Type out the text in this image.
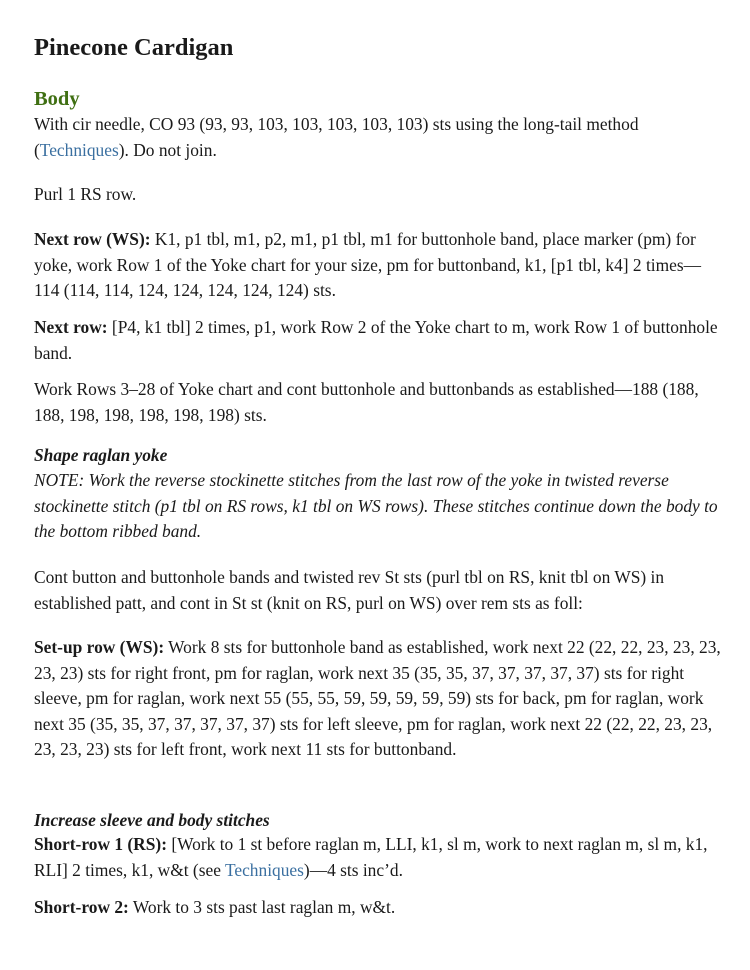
Pinecone Cardigan
Body

With cir needle, CO 93 (93, 93, 103, 103, 103, 103, 103) sts using the long-tail method (Techniques). Do not join.

Purl 1 RS row.

Next row (WS): K1, p1 tbl, m1, p2, m1, p1 tbl, m1 for buttonhole band, place marker (pm) for yoke, work Row 1 of the Yoke chart for your size, pm for buttonband, k1, [p1 tbl, k4] 2 times—114 (114, 114, 124, 124, 124, 124, 124) sts.

Next row: [P4, k1 tbl] 2 times, p1, work Row 2 of the Yoke chart to m, work Row 1 of buttonhole band.

Work Rows 3–28 of Yoke chart and cont buttonhole and buttonbands as established—188 (188, 188, 198, 198, 198, 198, 198) sts.

Shape raglan yoke

NOTE: Work the reverse stockinette stitches from the last row of the yoke in twisted reverse stockinette stitch (p1 tbl on RS rows, k1 tbl on WS rows). These stitches continue down the body to the bottom ribbed band.

Cont button and buttonhole bands and twisted rev St sts (purl tbl on RS, knit tbl on WS) in established patt, and cont in St st (knit on RS, purl on WS) over rem sts as foll:

Set-up row (WS): Work 8 sts for buttonhole band as established, work next 22 (22, 22, 23, 23, 23, 23, 23) sts for right front, pm for raglan, work next 35 (35, 35, 37, 37, 37, 37, 37) sts for right sleeve, pm for raglan, work next 55 (55, 55, 59, 59, 59, 59, 59) sts for back, pm for raglan, work next 35 (35, 35, 37, 37, 37, 37, 37) sts for left sleeve, pm for raglan, work next 22 (22, 22, 23, 23, 23, 23, 23) sts for left front, work next 11 sts for buttonband.

Increase sleeve and body stitches

Short-row 1 (RS): [Work to 1 st before raglan m, LLI, k1, sl m, work to next raglan m, sl m, k1, RLI] 2 times, k1, w&t (see Techniques)—4 sts inc’d.

Short-row 2: Work to 3 sts past last raglan m, w&t.
